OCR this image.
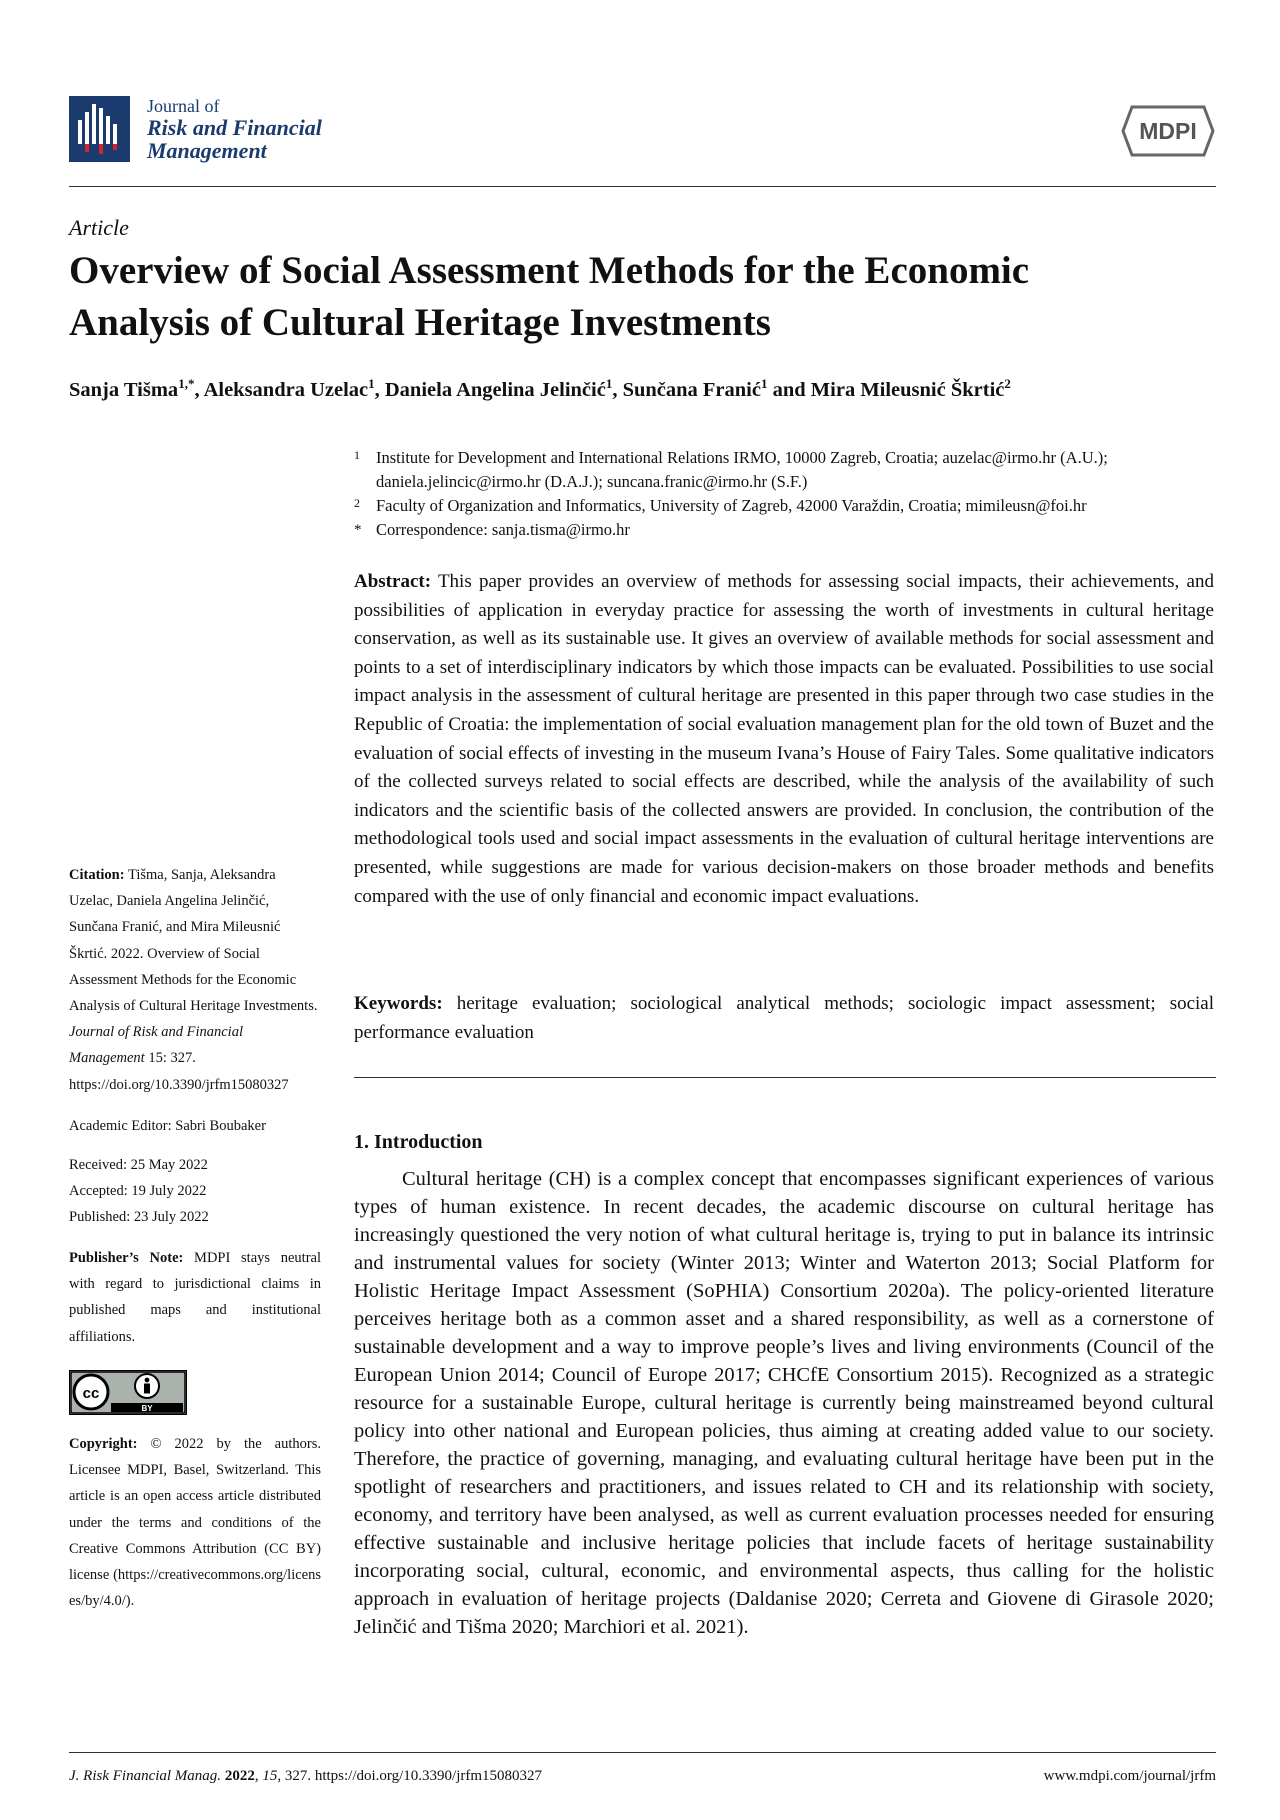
Journal of
Risk and Financial
Management
MDPI
Article
Overview of Social Assessment Methods for the Economic Analysis of Cultural Heritage Investments
Sanja Tišma$^{1,*}$, Aleksandra Uzelac$^1$, Daniela Angelina Jelinčić$^1$, Sunčana Franić$^1$ and Mira Mileusnić Škrtić$^2$
1 Institute for Development and International Relations IRMO, 10000 Zagreb, Croatia; auzelac@irmo.hr (A.U.); daniela.jelincic@irmo.hr (D.A.J.); suncana.franic@irmo.hr (S.F.)
2 Faculty of Organization and Informatics, University of Zagreb, 42000 Varaždin, Croatia; mimileusn@foi.hr
* Correspondence: sanja.tisma@irmo.hr

Abstract: This paper provides an overview of methods for assessing social impacts, their achievements, and possibilities of application in everyday practice for assessing the worth of investments in cultural heritage conservation, as well as its sustainable use. It gives an overview of available methods for social assessment and points to a set of interdisciplinary indicators by which those impacts can be evaluated. Possibilities to use social impact analysis in the assessment of cultural heritage are presented in this paper through two case studies in the Republic of Croatia: the implementation of social evaluation management plan for the old town of Buzet and the evaluation of social effects of investing in the museum Ivana’s House of Fairy Tales. Some qualitative indicators of the collected surveys related to social effects are described, while the analysis of the availability of such indicators and the scientific basis of the collected answers are provided. In conclusion, the contribution of the methodological tools used and social impact assessments in the evaluation of cultural heritage interventions are presented, while suggestions are made for various decision-makers on those broader methods and benefits compared with the use of only financial and economic impact evaluations.

Keywords: heritage evaluation; sociological analytical methods; sociologic impact assessment; social performance evaluation

Citation: Tišma, Sanja, Aleksandra Uzelac, Daniela Angelina Jelinčić, Sunčana Franić, and Mira Mileusnić Škrtić. 2022. Overview of Social Assessment Methods for the Economic Analysis of Cultural Heritage Investments. Journal of Risk and Financial Management 15: 327. https://doi.org/10.3390/jrfm15080327
Academic Editor: Sabri Boubaker
Received: 25 May 2022
Accepted: 19 July 2022
Published: 23 July 2022
Publisher’s Note: MDPI stays neutral with regard to jurisdictional claims in published maps and institutional affiliations.
cc
BY
Copyright: © 2022 by the authors. Licensee MDPI, Basel, Switzerland. This article is an open access article distributed under the terms and conditions of the Creative Commons Attribution (CC BY) license (https://creativecommons.org/licenses/by/4.0/).
1. Introduction

Cultural heritage (CH) is a complex concept that encompasses significant experiences of various types of human existence. In recent decades, the academic discourse on cultural heritage has increasingly questioned the very notion of what cultural heritage is, trying to put in balance its intrinsic and instrumental values for society (Winter 2013; Winter and Waterton 2013; Social Platform for Holistic Heritage Impact Assessment (SoPHIA) Consortium 2020a). The policy-oriented literature perceives heritage both as a common asset and a shared responsibility, as well as a cornerstone of sustainable development and a way to improve people’s lives and living environments (Council of the European Union 2014; Council of Europe 2017; CHCfE Consortium 2015). Recognized as a strategic resource for a sustainable Europe, cultural heritage is currently being mainstreamed beyond cultural policy into other national and European policies, thus aiming at creating added value to our society. Therefore, the practice of governing, managing, and evaluating cultural heritage have been put in the spotlight of researchers and practitioners, and issues related to CH and its relationship with society, economy, and territory have been analysed, as well as current evaluation processes needed for ensuring effective sustainable and inclusive heritage policies that include facets of heritage sustainability incorporating social, cultural, economic, and environmental aspects, thus calling for the holistic approach in evaluation of heritage projects (Daldanise 2020; Cerreta and Giovene di Girasole 2020; Jelinčić and Tišma 2020; Marchiori et al. 2021).

J. Risk Financial Manag. 2022, 15, 327. https://doi.org/10.3390/jrfm15080327	www.mdpi.com/journal/jrfm
